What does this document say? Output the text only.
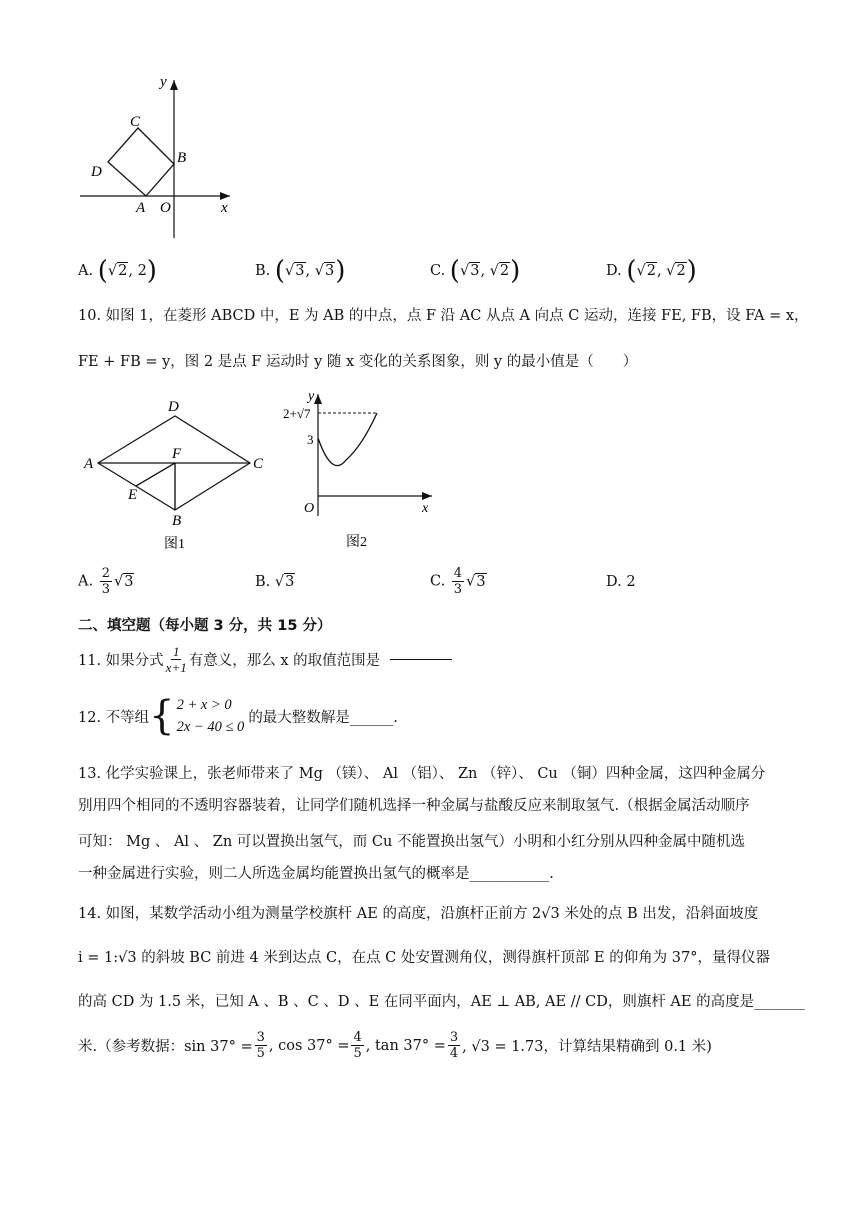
y
x
C
B
D
A O
A. (√2, 2)	B. (√3, √3)	C. (√3, √2)	D. (√2, √2)
10. 如图 1，在菱形 ABCD 中，E 为 AB 的中点，点 F 沿 AC 从点 A 向点 C 运动，连接 FE, FB，设 FA = x，
FE + FB = y，图 2 是点 F 运动时 y 随 x 变化的关系图象，则 y 的最小值是（　　）
D
A
F
C
E
B
图1
y
2+√7
3
O	x
图2
A. $\frac{2}{3} √3$	B. √3	C. $\frac{4}{3} √3$	D. 2
二、填空题（每小题 3 分，共 15 分）
11. 如果分式 $\frac{1}{x+1}$ 有意义，那么 x 的取值范围是
12. 不等组 { 2 + x > 0
2x − 40 ≤ 0
的最大整数解是______.
13. 化学实验课上，张老师带来了 Mg （镁）、 Al （铝）、 Zn （锌）、 Cu （铜）四种金属，这四种金属分
别用四个相同的不透明容器装着，让同学们随机选择一种金属与盐酸反应来制取氢气.（根据金属活动顺序
可知： Mg 、 Al 、 Zn 可以置换出氢气，而 Cu 不能置换出氢气）小明和小红分别从四种金属中随机选
一种金属进行实验，则二人所选金属均能置换出氢气的概率是___________.
14. 如图，某数学活动小组为测量学校旗杆 AE 的高度，沿旗杆正前方 2√3 米处的点 B 出发，沿斜面坡度
i = 1:√3 的斜坡 BC 前进 4 米到达点 C，在点 C 处安置测角仪，测得旗杆顶部 E 的仰角为 37°，量得仪器
的高 CD 为 1.5 米，已知 A 、B 、C 、D 、E 在同平面内，AE ⊥ AB, AE // CD，则旗杆 AE 的高度是_______
米.（参考数据：$\sin 37^\circ = \frac{3}{5}$ , $\cos 37^\circ = \frac{4}{5}$ , $\tan 37^\circ = \frac{3}{4}$ , √3 = 1.73，计算结果精确到 0.1 米)
